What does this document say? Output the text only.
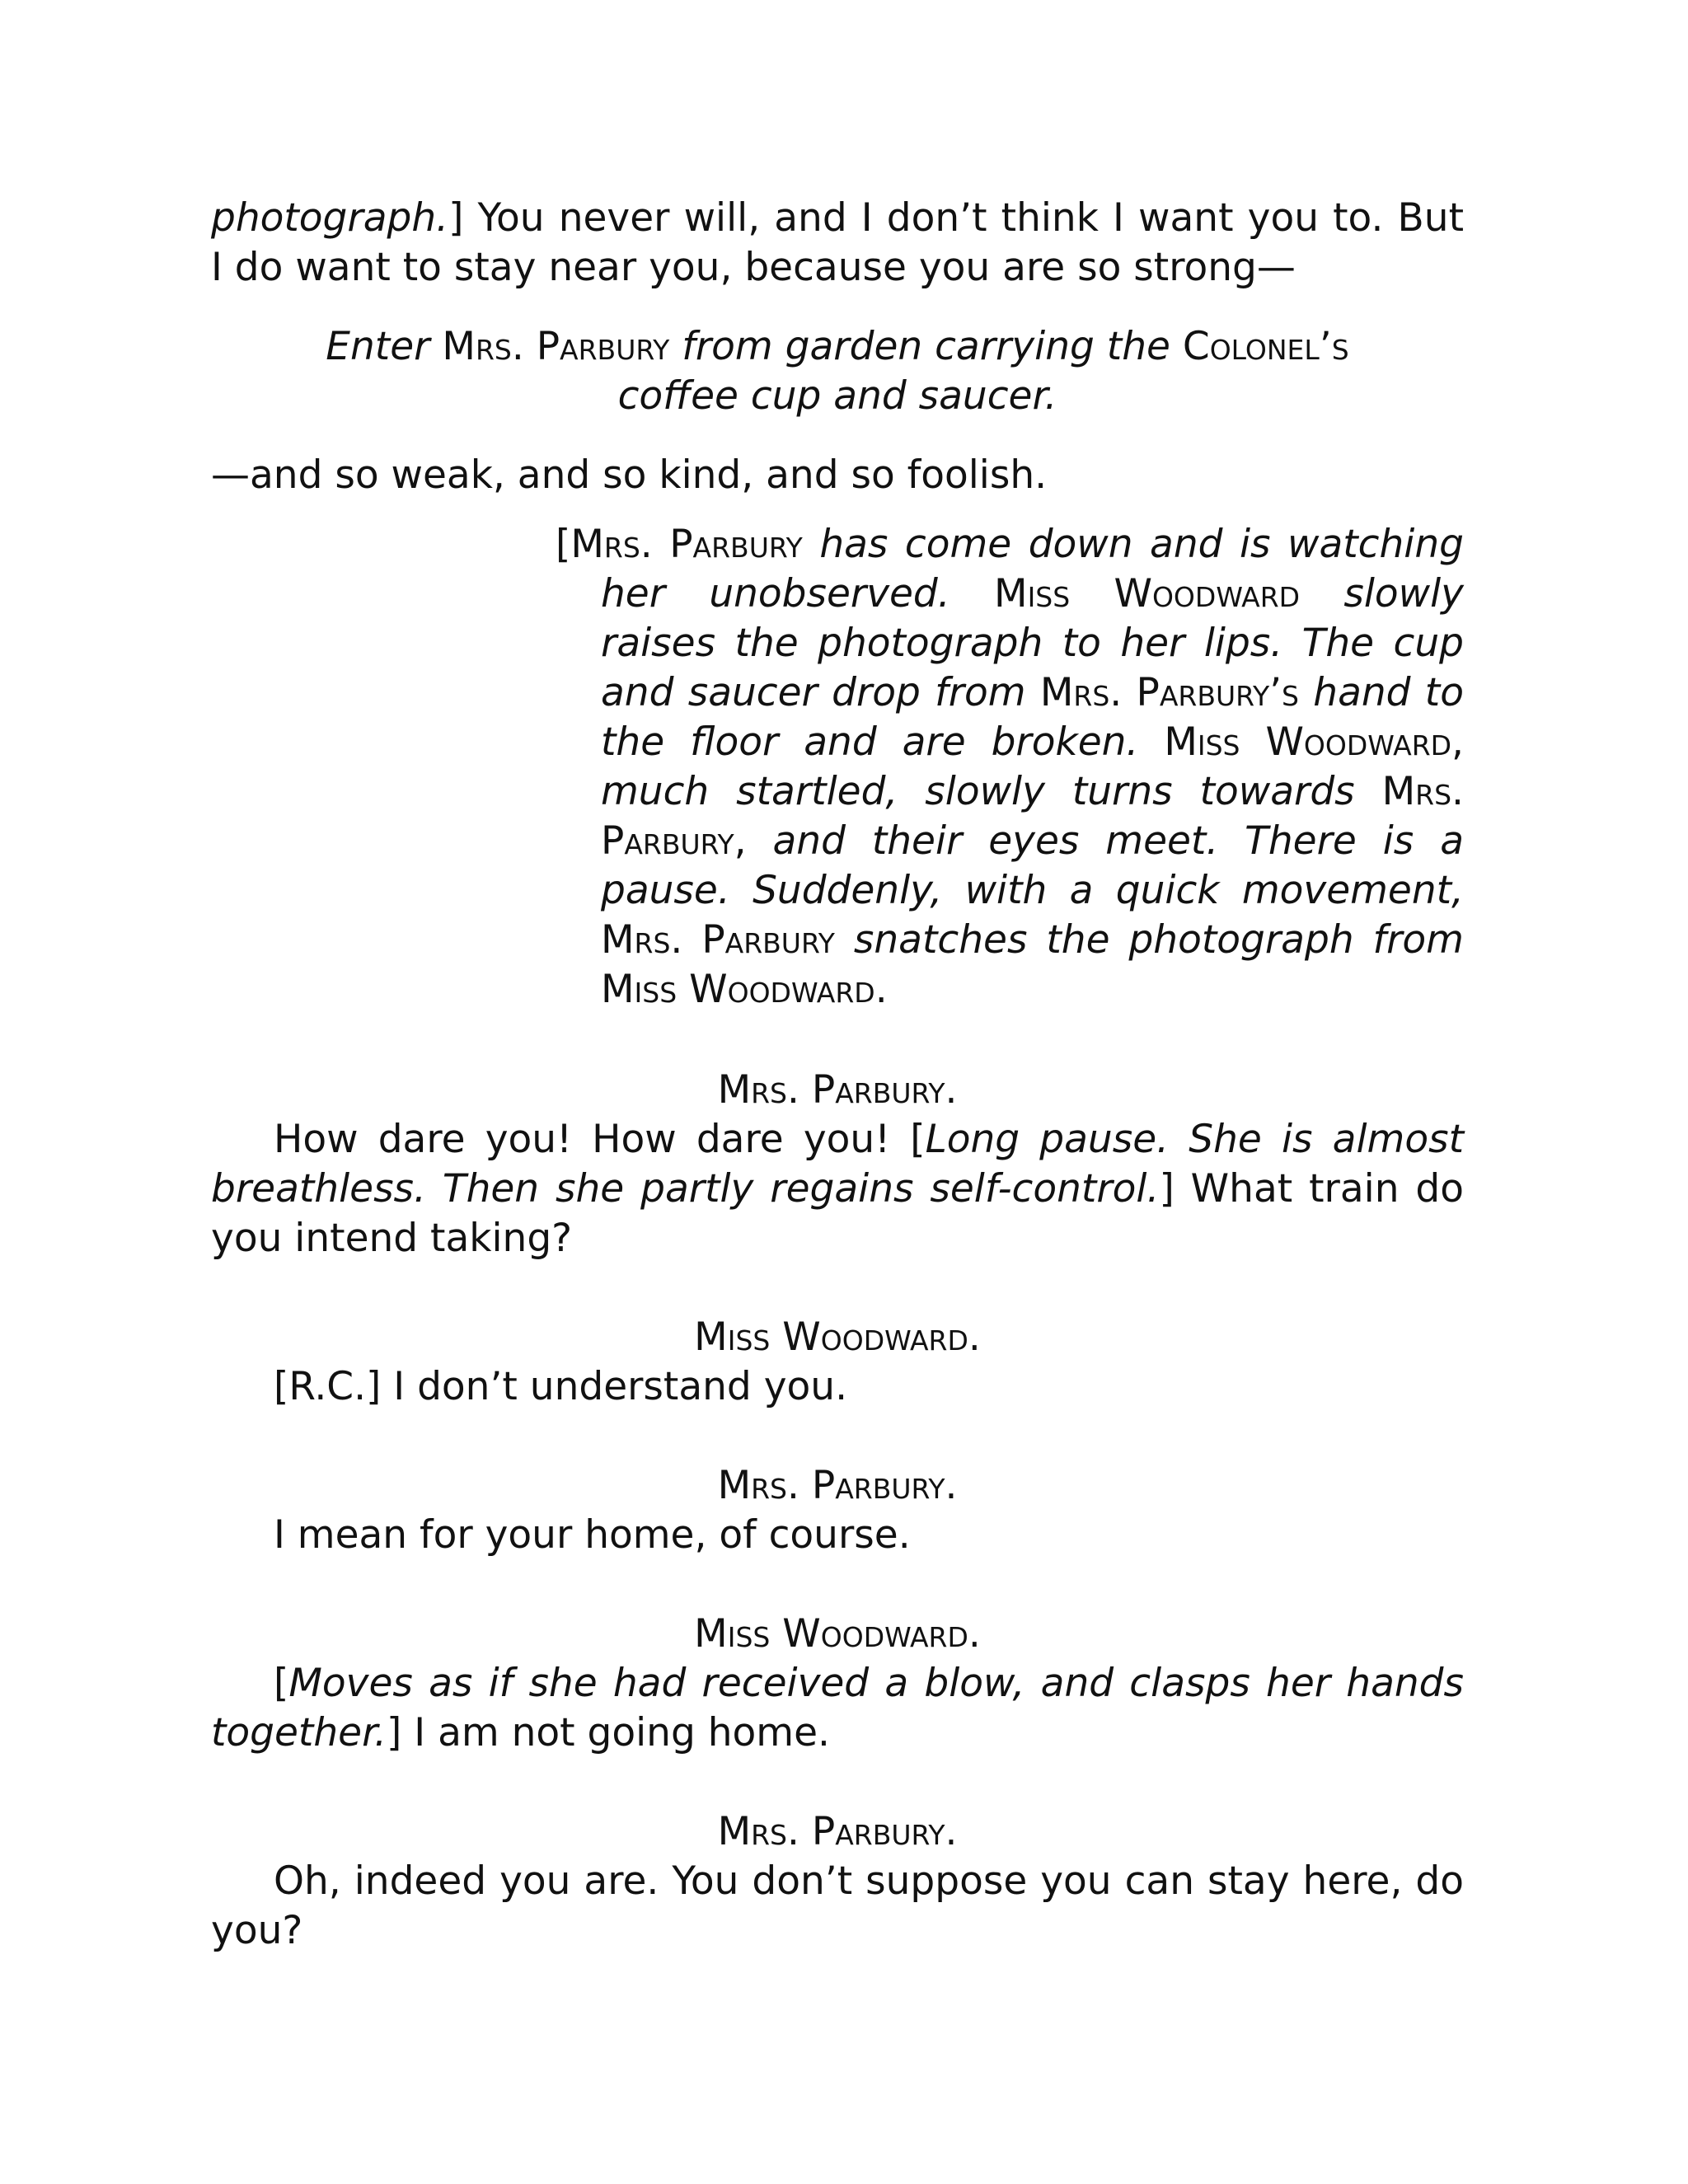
photograph.] You never will, and I don’t think I want you to. But I do want to stay near you, because you are so strong—

Enter Mrs. Parbury from garden carrying the Colonel’s coffee cup and saucer.

—and so weak, and so kind, and so foolish.

[Mrs. Parbury has come down and is watching her unobserved. Miss Woodward slowly raises the photograph to her lips. The cup and saucer drop from Mrs. Parbury’s hand to the floor and are broken. Miss Woodward, much startled, slowly turns towards Mrs. Parbury, and their eyes meet. There is a pause. Suddenly, with a quick movement, Mrs. Parbury snatches the photograph from Miss Woodward.

Mrs. Parbury.

How dare you! How dare you! [Long pause. She is almost breathless. Then she partly regains self-control.] What train do you intend taking?

Miss Woodward.

[R.C.] I don’t understand you.

Mrs. Parbury.

I mean for your home, of course.

Miss Woodward.

[Moves as if she had received a blow, and clasps her hands together.] I am not going home.

Mrs. Parbury.

Oh, indeed you are. You don’t suppose you can stay here, do you?
